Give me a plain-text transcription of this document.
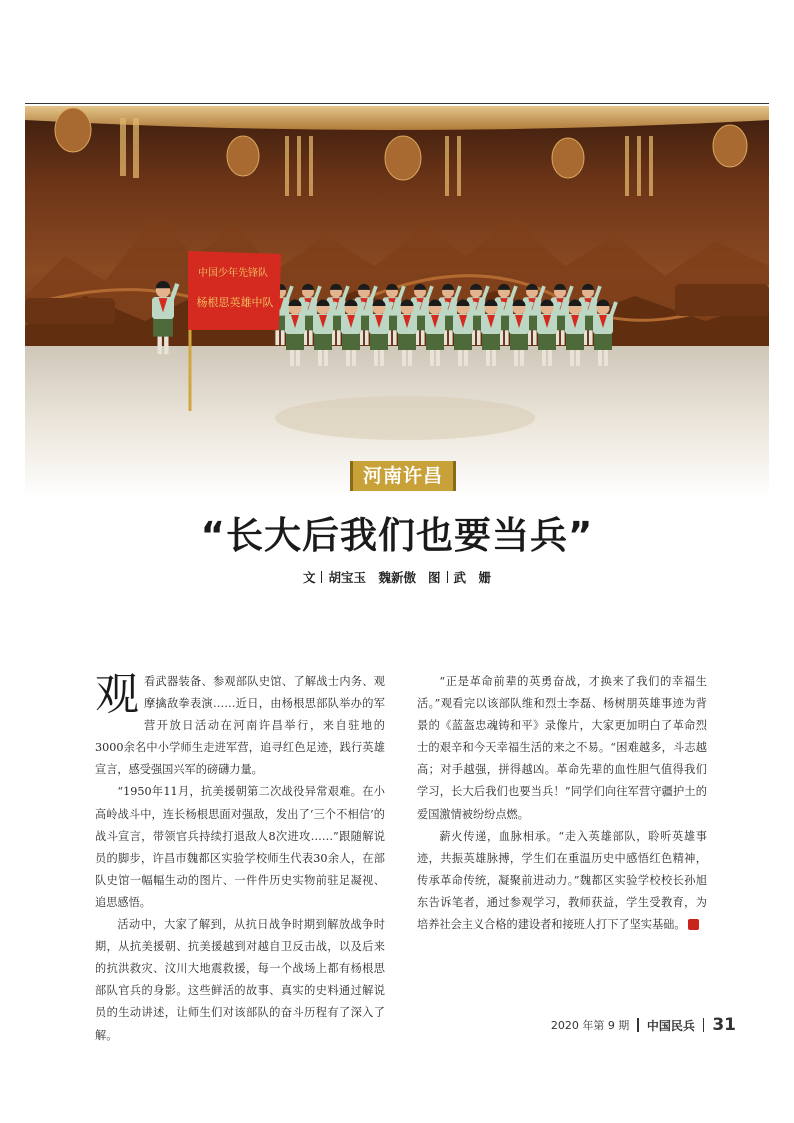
中国少年先锋队
杨根思英雄中队
河南许昌
“长大后我们也要当兵”
文 胡宝玉　魏新傲 图 武　姗

观看武器装备、参观部队史馆、了解战士内务、观摩擒敌拳表演……近日，由杨根思部队举办的军营开放日活动在河南许昌举行，来自驻地的3000余名中小学师生走进军营，追寻红色足迹，践行英雄宣言，感受强国兴军的磅礴力量。

“1950年11月，抗美援朝第二次战役异常艰难。在小高岭战斗中，连长杨根思面对强敌，发出了‘三个不相信’的战斗宣言，带领官兵持续打退敌人8次进攻……”跟随解说员的脚步，许昌市魏都区实验学校师生代表30余人，在部队史馆一幅幅生动的图片、一件件历史实物前驻足凝视、追思感悟。

活动中，大家了解到，从抗日战争时期到解放战争时期，从抗美援朝、抗美援越到对越自卫反击战，以及后来的抗洪救灾、汶川大地震救援，每一个战场上都有杨根思部队官兵的身影。这些鲜活的故事、真实的史料通过解说员的生动讲述，让师生们对该部队的奋斗历程有了深入了解。

“正是革命前辈的英勇奋战，才换来了我们的幸福生活。”观看完以该部队维和烈士李磊、杨树朋英雄事迹为背景的《蓝盔忠魂铸和平》录像片，大家更加明白了革命烈士的艰辛和今天幸福生活的来之不易。“困难越多，斗志越高；对手越强，拼得越凶。革命先辈的血性胆气值得我们学习，长大后我们也要当兵！”同学们向往军营守疆护土的爱国激情被纷纷点燃。

薪火传递，血脉相承。“走入英雄部队，聆听英雄事迹，共振英雄脉搏，学生们在重温历史中感悟红色精神，传承革命传统，凝聚前进动力。”魏都区实验学校校长孙旭东告诉笔者，通过参观学习，教师获益，学生受教育，为培养社会主义合格的建设者和接班人打下了坚实基础。	兵

2020 年第 9 期 中国民兵 31
